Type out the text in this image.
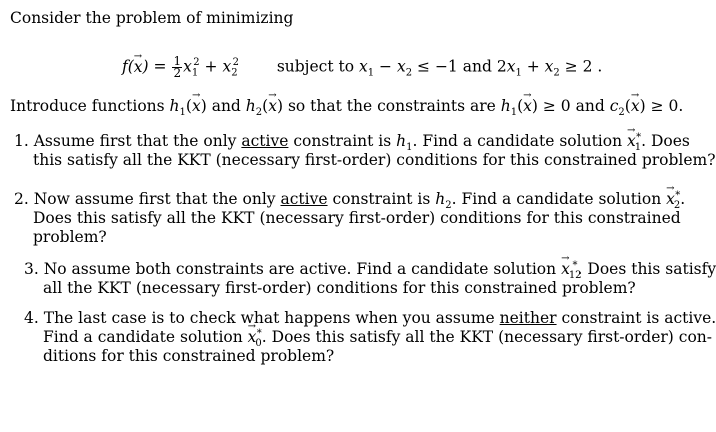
Consider the problem of minimizing
$f(\to x) = \frac{1}{2} x_1^2 + x_2^2$ subject to $x_1 - x_2 \le -1$ and $2x_1 + x_2 \ge 2$ .
Introduce functions $h_1(\to x)$ and $h_2(\to x)$ so that the constraints are $h_1(\to x) \ge 0$ and $c_2(\to x) \ge 0$.
1. Assume first that the only active constraint is $h_1$. Find a candidate solution → $x_1^*$. Does
this satisfy all the KKT (necessary first-order) conditions for this constrained problem?
2. Now assume first that the only active constraint is $h_2$. Find a candidate solution → $x_2^*$.
Does this satisfy all the KKT (necessary first-order) conditions for this constrained
problem?
3. No assume both constraints are active. Find a candidate solution → $x_{12}^*$. Does this satisfy
all the KKT (necessary first-order) conditions for this constrained problem?
4. The last case is to check what happens when you assume neither constraint is active.
Find a candidate solution → $x_0^*$. Does this satisfy all the KKT (necessary first-order) con-
ditions for this constrained problem?
